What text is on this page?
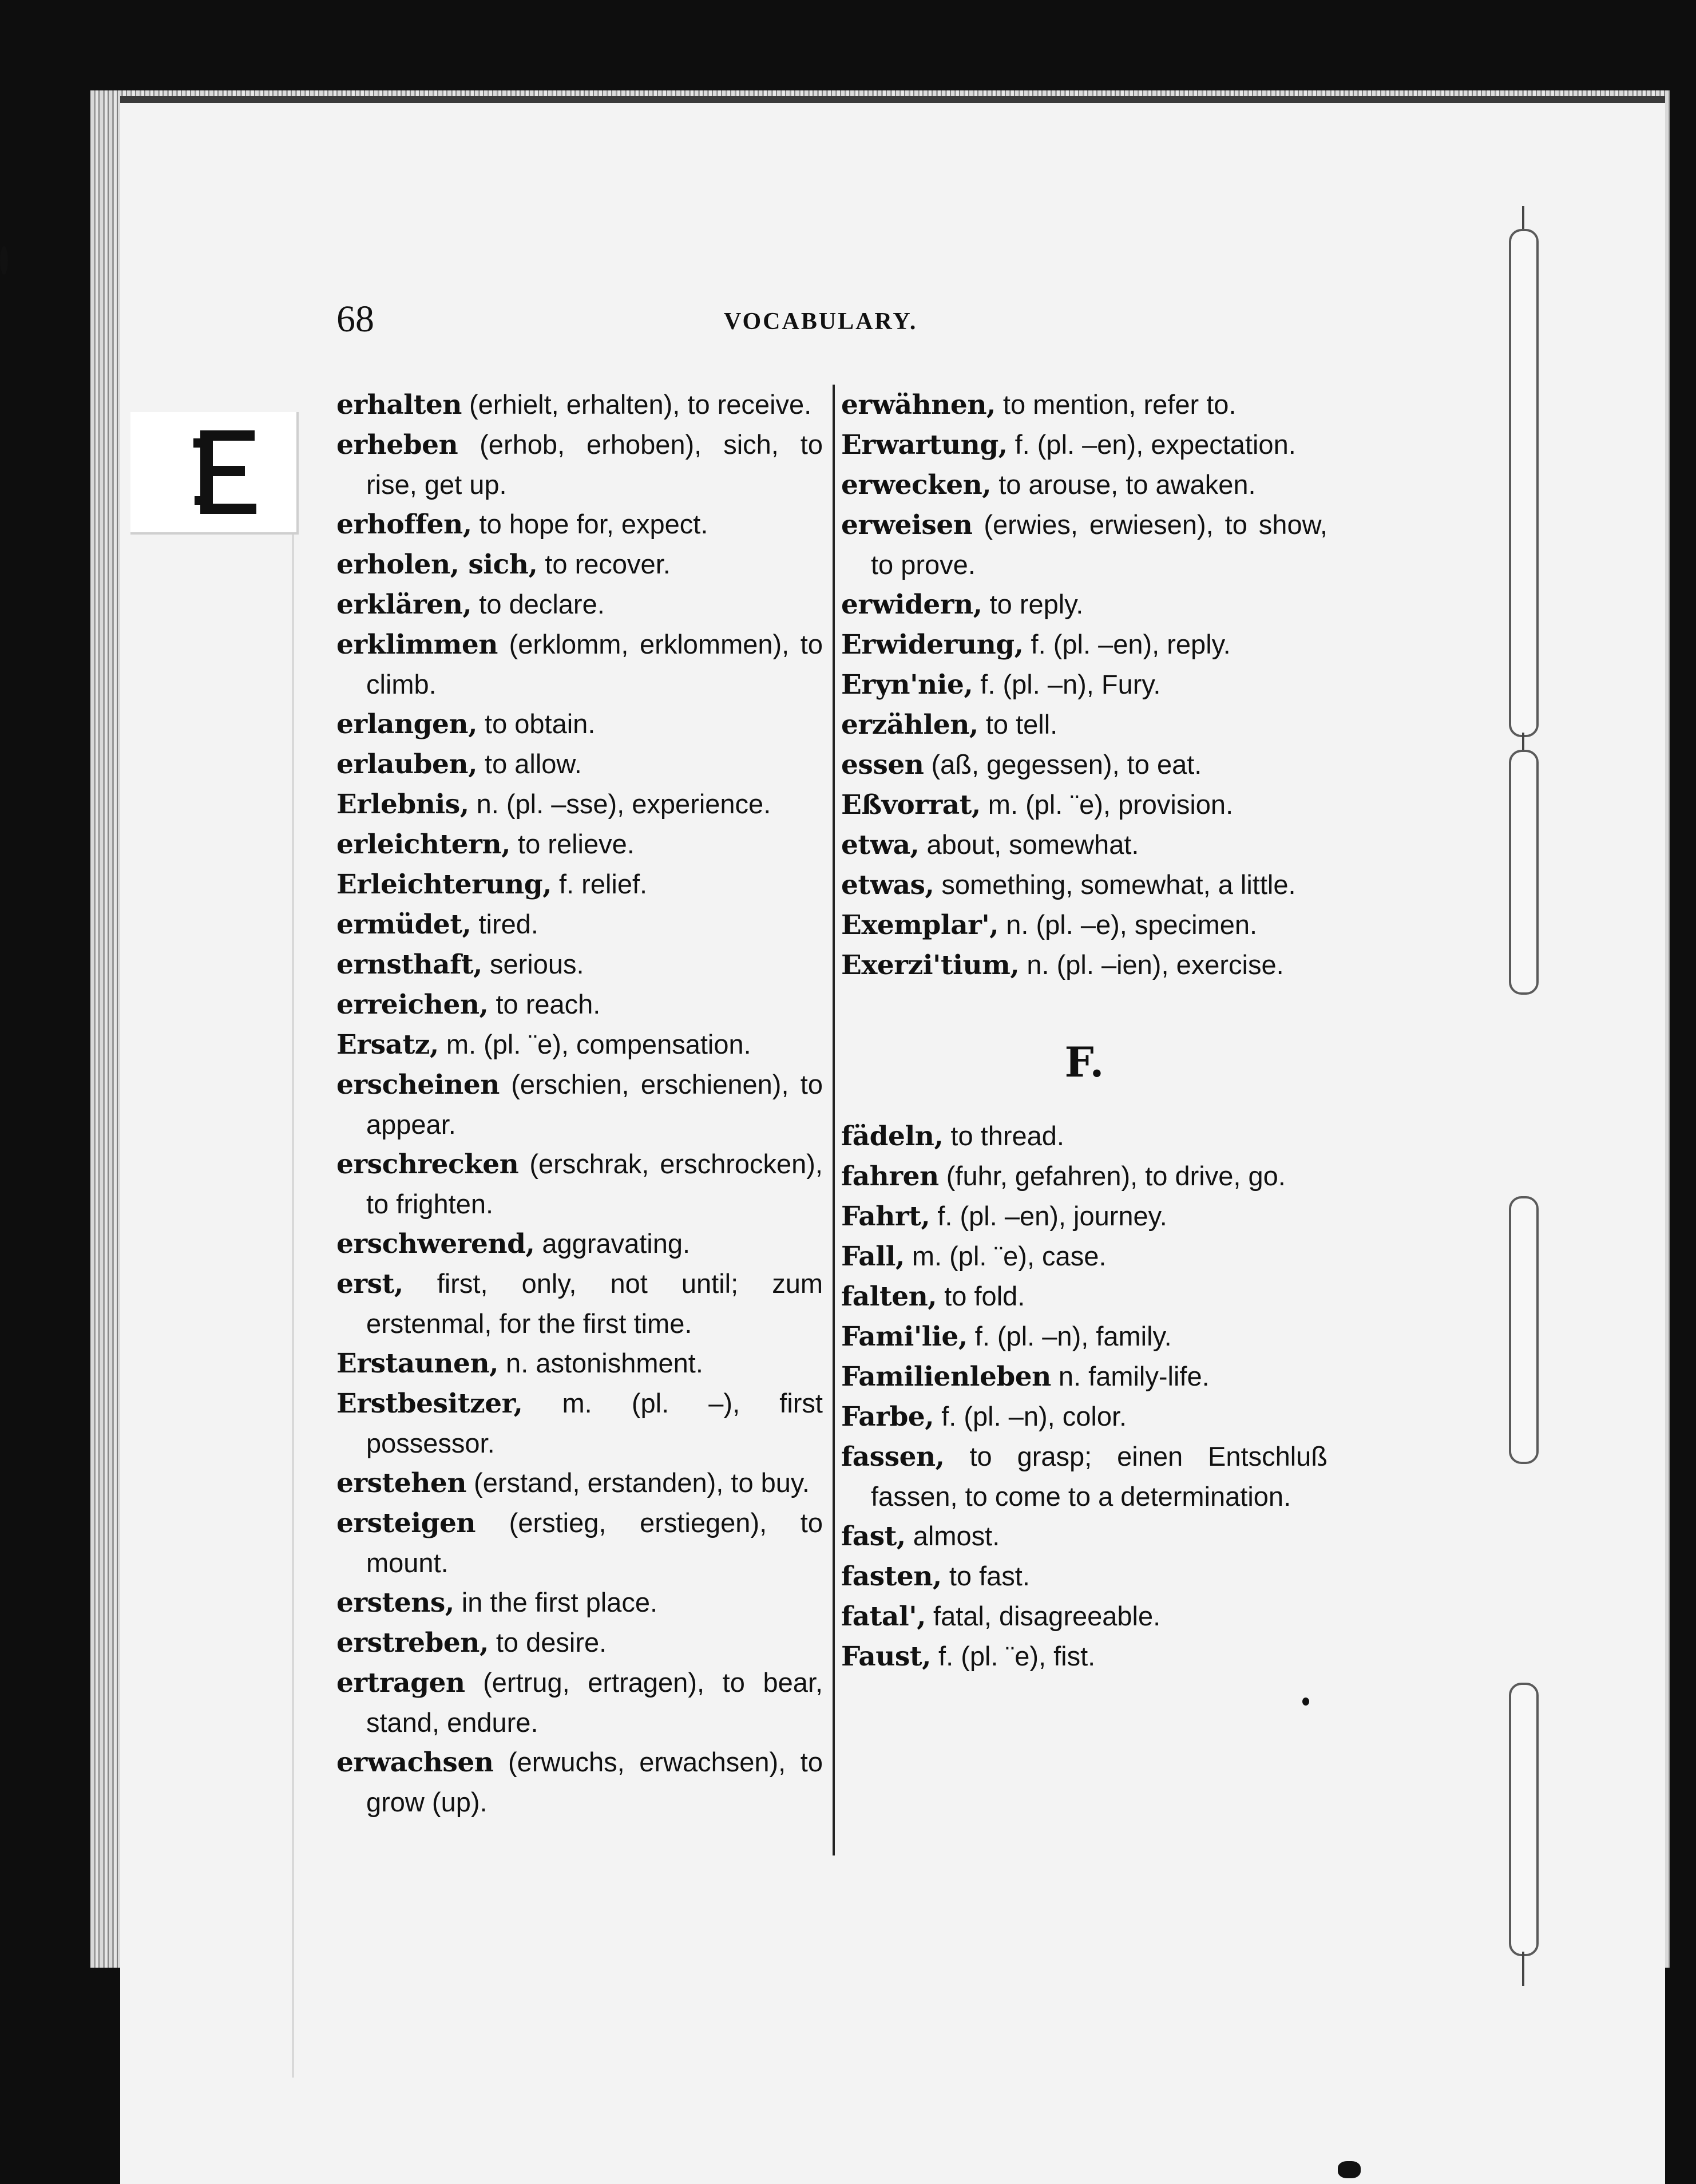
68	VOCABULARY.

erhalten (erhielt, erhalten), to receive.

erheben (erhob, erhoben), sich, to rise, get up.

erhoffen, to hope for, expect.

erholen, sich, to recover.

erklären, to declare.

erklimmen (erklomm, erklommen), to climb.

erlangen, to obtain.

erlauben, to allow.

Erlebnis, n. (pl. –sse), experience.

erleichtern, to relieve.

Erleichterung, f. relief.

ermüdet, tired.

ernsthaft, serious.

erreichen, to reach.

Ersatz, m. (pl. ¨e), compensation.

erscheinen (erschien, erschienen), to appear.

erschrecken (erschrak, erschrocken), to frighten.

erschwerend, aggravating.

erst, first, only, not until; zum erstenmal, for the first time.

Erstaunen, n. astonishment.

Erstbesitzer, m. (pl. –), first possessor.

erstehen (erstand, erstanden), to buy.

ersteigen (erstieg, erstiegen), to mount.

erstens, in the first place.

erstreben, to desire.

ertragen (ertrug, ertragen), to bear, stand, endure.

erwachsen (erwuchs, erwachsen), to grow (up).

erwähnen, to mention, refer to.

Erwartung, f. (pl. –en), expectation.

erwecken, to arouse, to awaken.

erweisen (erwies, erwiesen), to show, to prove.

erwidern, to reply.

Erwiderung, f. (pl. –en), reply.

Eryn'nie, f. (pl. –n), Fury.

erzählen, to tell.

essen (aß, gegessen), to eat.

Eßvorrat, m. (pl. ¨e), provision.

etwa, about, somewhat.

etwas, something, somewhat, a little.

Exemplar', n. (pl. –e), specimen.

Exerzi'tium, n. (pl. –ien), exercise.

F.

fädeln, to thread.

fahren (fuhr, gefahren), to drive, go.

Fahrt, f. (pl. –en), journey.

Fall, m. (pl. ¨e), case.

falten, to fold.

Fami'lie, f. (pl. –n), family.

Familienleben n. family-life.

Farbe, f. (pl. –n), color.

fassen, to grasp; einen Entschluß fassen, to come to a determination.

fast, almost.

fasten, to fast.

fatal', fatal, disagreeable.

Faust, f. (pl. ¨e), fist.
